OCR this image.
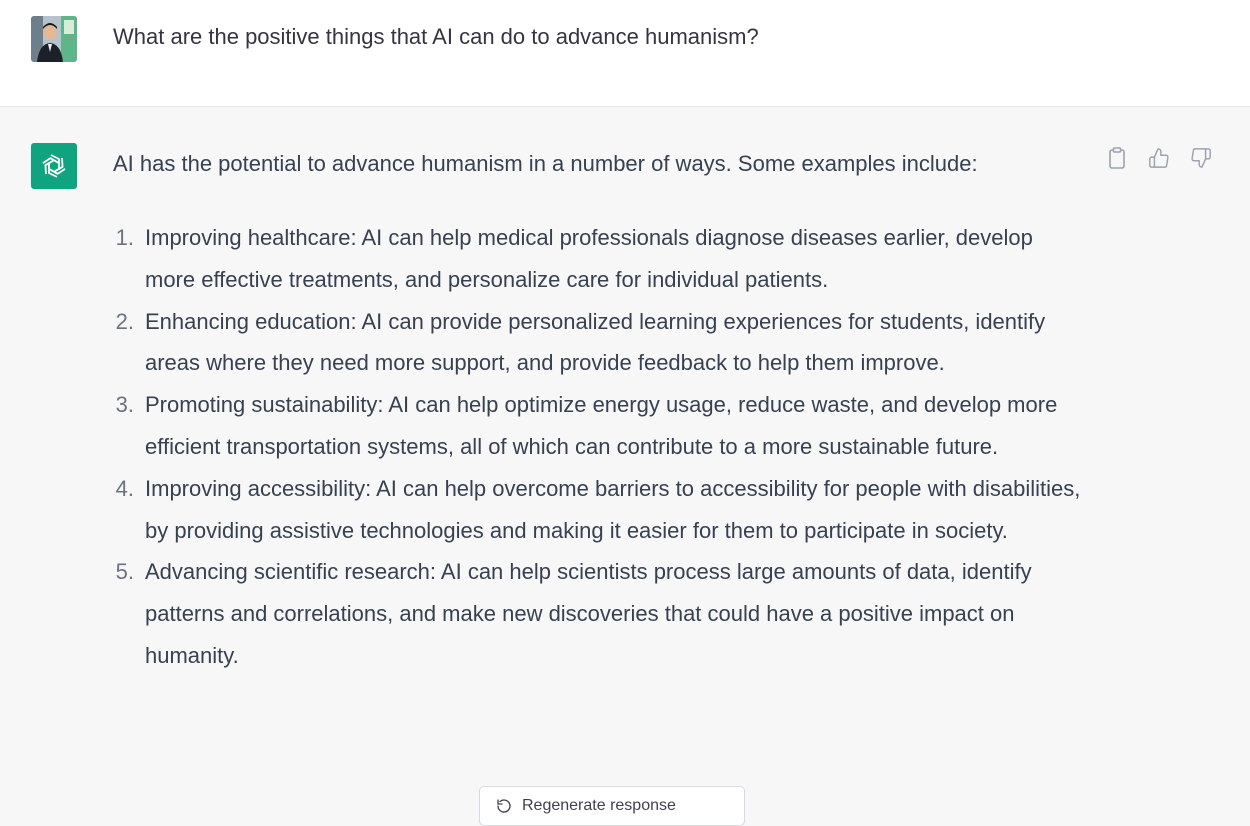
What are the positive things that AI can do to advance humanism?
AI has the potential to advance humanism in a number of ways. Some examples include:
1. Improving healthcare: AI can help medical professionals diagnose diseases earlier, develop more effective treatments, and personalize care for individual patients.
2. Enhancing education: AI can provide personalized learning experiences for students, identify areas where they need more support, and provide feedback to help them improve.
3. Promoting sustainability: AI can help optimize energy usage, reduce waste, and develop more efficient transportation systems, all of which can contribute to a more sustainable future.
4. Improving accessibility: AI can help overcome barriers to accessibility for people with disabilities, by providing assistive technologies and making it easier for them to participate in society.
5. Advancing scientific research: AI can help scientists process large amounts of data, identify patterns and correlations, and make new discoveries that could have a positive impact on humanity.
Regenerate response
